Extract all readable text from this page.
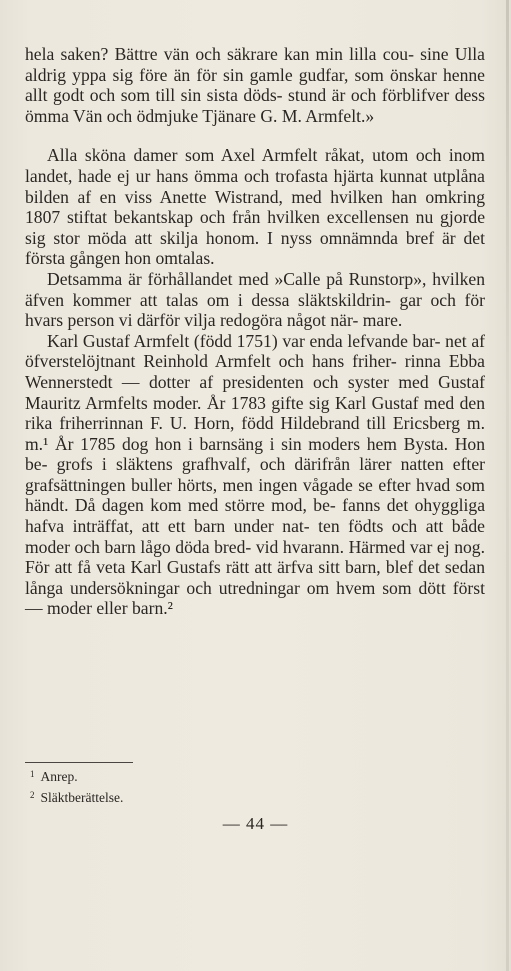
hela saken? Bättre vän och säkrare kan min lilla cou- sine Ulla aldrig yppa sig före än för sin gamle gudfar, som önskar henne allt godt och som till sin sista döds- stund är och förblifver dess ömma Vän och ödmjuke Tjänare G. M. Armfelt.»

Alla sköna damer som Axel Armfelt råkat, utom och inom landet, hade ej ur hans ömma och trofasta hjärta kunnat utplåna bilden af en viss Anette Wistrand, med hvilken han omkring 1807 stiftat bekantskap och från hvilken excellensen nu gjorde sig stor möda att skilja honom. I nyss omnämnda bref är det första gången hon omtalas.

Detsamma är förhållandet med »Calle på Runstorp», hvilken äfven kommer att talas om i dessa släktskildrin- gar och för hvars person vi därför vilja redogöra något när- mare.

Karl Gustaf Armfelt (född 1751) var enda lefvande bar- net af öfverstelöjtnant Reinhold Armfelt och hans friher- rinna Ebba Wennerstedt — dotter af presidenten och syster med Gustaf Mauritz Armfelts moder. År 1783 gifte sig Karl Gustaf med den rika friherrinnan F. U. Horn, född Hildebrand till Ericsberg m. m.¹ År 1785 dog hon i barnsäng i sin moders hem Bysta. Hon be- grofs i släktens grafhvalf, och därifrån lärer natten efter grafsättningen buller hörts, men ingen vågade se efter hvad som händt. Då dagen kom med större mod, be- fanns det ohyggliga hafva inträffat, att ett barn under nat- ten födts och att både moder och barn lågo döda bred- vid hvarann. Härmed var ej nog. För att få veta Karl Gustafs rätt att ärfva sitt barn, blef det sedan långa undersökningar och utredningar om hvem som dött först — moder eller barn.²

$^1$ Anrep.
$^2$ Släktberättelse.
— 44 —
